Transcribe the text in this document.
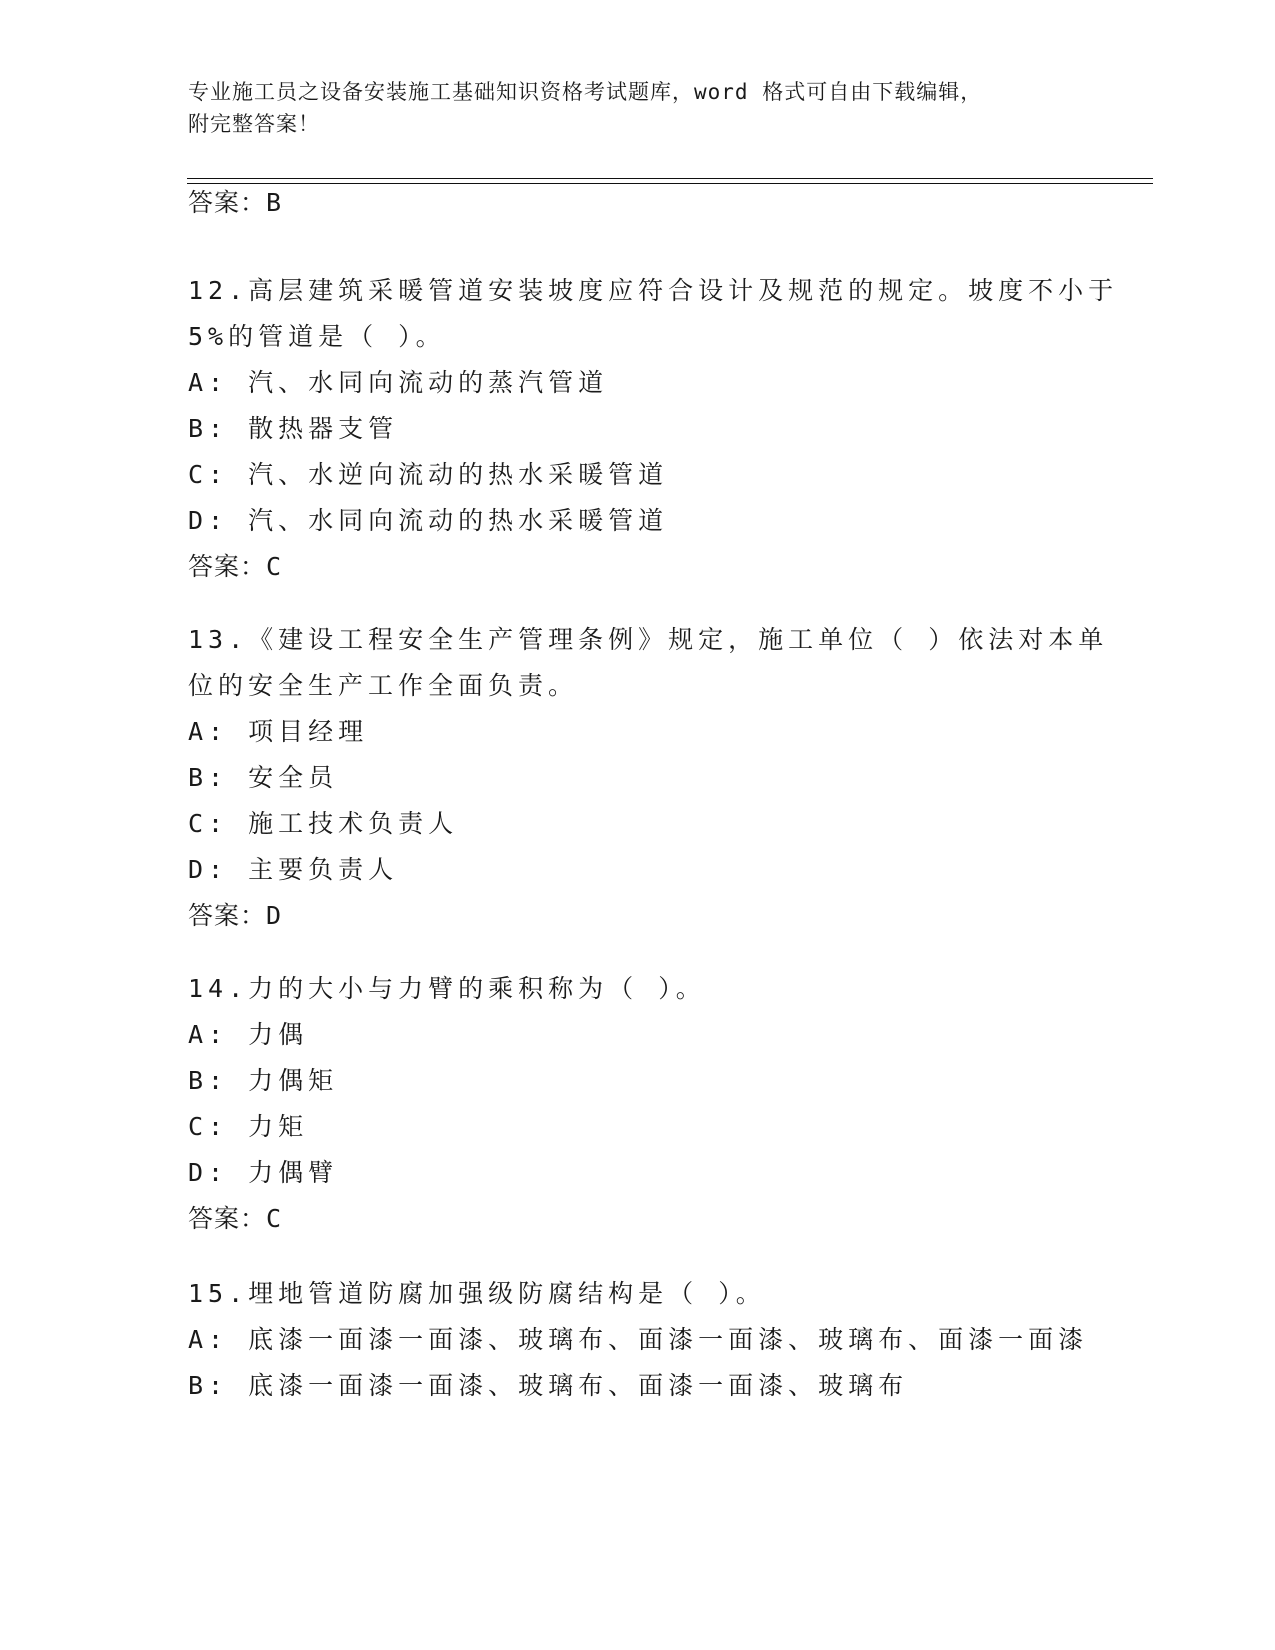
专业施工员之设备安装施工基础知识资格考试题库，word 格式可自由下载编辑，
附完整答案！
答案：B
12.高层建筑采暖管道安装坡度应符合设计及规范的规定。坡度不小于
5%的管道是（ ）。
A: 汽、水同向流动的蒸汽管道
B: 散热器支管
C: 汽、水逆向流动的热水采暖管道
D: 汽、水同向流动的热水采暖管道
答案：C
13.《建设工程安全生产管理条例》规定，施工单位（ ）依法对本单
位的安全生产工作全面负责。
A: 项目经理
B: 安全员
C: 施工技术负责人
D: 主要负责人
答案：D
14.力的大小与力臂的乘积称为（ ）。
A: 力偶
B: 力偶矩
C: 力矩
D: 力偶臂
答案：C
15.埋地管道防腐加强级防腐结构是（ ）。
A: 底漆一面漆一面漆、玻璃布、面漆一面漆、玻璃布、面漆一面漆
B: 底漆一面漆一面漆、玻璃布、面漆一面漆、玻璃布
